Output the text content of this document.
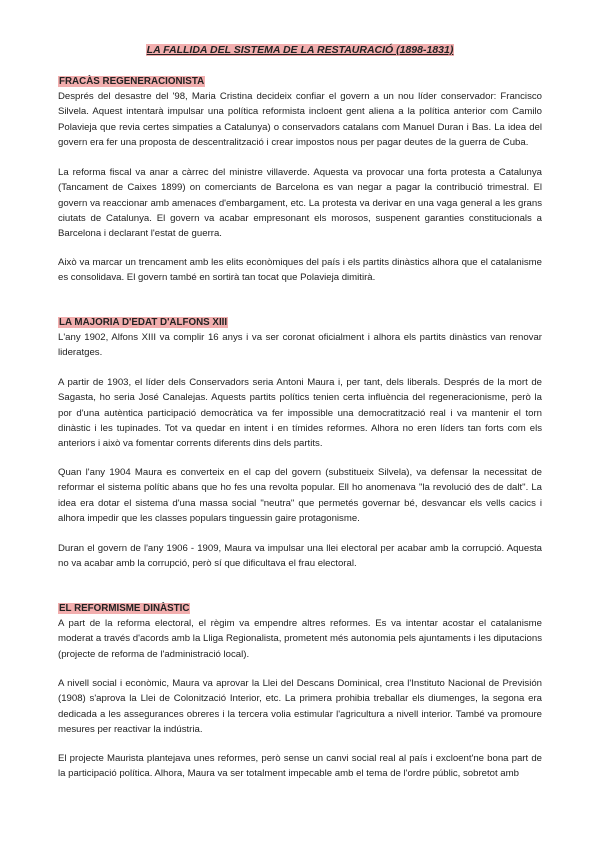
LA FALLIDA DEL SISTEMA DE LA RESTAURACIÓ (1898-1831)
FRACÀS REGENERACIONISTA

Després del desastre del '98, Maria Cristina decideix confiar el govern a un nou líder conservador: Francisco Silvela. Aquest intentarà impulsar una política reformista incloent gent aliena a la política anterior com Camilo Polavieja que revia certes simpaties a Catalunya) o conservadors catalans com Manuel Duran i Bas. La idea del govern era fer una proposta de descentralització i crear impostos nous per pagar deutes de la guerra de Cuba.

La reforma fiscal va anar a càrrec del ministre villaverde. Aquesta va provocar una forta protesta a Catalunya (Tancament de Caixes 1899) on comerciants de Barcelona es van negar a pagar la contribució trimestral. El govern va reaccionar amb amenaces d'embargament, etc. La protesta va derivar en una vaga general a les grans ciutats de Catalunya. El govern va acabar empresonant els morosos, suspenent garanties constitucionals a Barcelona i declarant l'estat de guerra.

Això va marcar un trencament amb les elits econòmiques del país i els partits dinàstics alhora que el catalanisme es consolidava. El govern també en sortirà tan tocat que Polavieja dimitirà.

LA MAJORIA D'EDAT D'ALFONS XIII

L'any 1902, Alfons XIII va complir 16 anys i va ser coronat oficialment i alhora els partits dinàstics van renovar lideratges.

A partir de 1903, el líder dels Conservadors seria Antoni Maura i, per tant, dels liberals. Després de la mort de Sagasta, ho seria José Canalejas. Aquests partits polítics tenien certa influència del regeneracionisme, però la por d'una autèntica participació democràtica va fer impossible una democratització real i va mantenir el torn dinàstic i les tupinades. Tot va quedar en intent i en tímides reformes. Alhora no eren líders tan forts com els anteriors i això va fomentar corrents diferents dins dels partits.

Quan l'any 1904 Maura es converteix en el cap del govern (substitueix Silvela), va defensar la necessitat de reformar el sistema polític abans que ho fes una revolta popular. Ell ho anomenava "la revolució des de dalt". La idea era dotar el sistema d'una massa social "neutra" que permetés governar bé, desvancar els vells cacics i alhora impedir que les classes populars tinguessin gaire protagonisme.

Duran el govern de l'any 1906 - 1909, Maura va impulsar una llei electoral per acabar amb la corrupció. Aquesta no va acabar amb la corrupció, però sí que dificultava el frau electoral.

EL REFORMISME DINÀSTIC

A part de la reforma electoral, el règim va empendre altres reformes. Es va intentar acostar el catalanisme moderat a través d'acords amb la Lliga Regionalista, prometent més autonomia pels ajuntaments i les diputacions (projecte de reforma de l'administració local).

A nivell social i econòmic, Maura va aprovar la Llei del Descans Dominical, crea l'Instituto Nacional de Previsión (1908) s'aprova la Llei de Colonització Interior, etc. La primera prohibia treballar els diumenges, la segona era dedicada a les assegurances obreres i la tercera volia estimular l'agricultura a nivell interior. També va promoure mesures per reactivar la indústria.

El projecte Maurista plantejava unes reformes, però sense un canvi social real al país i excloent'ne bona part de la participació política. Alhora, Maura va ser totalment impecable amb el tema de l'ordre públic, sobretot amb
